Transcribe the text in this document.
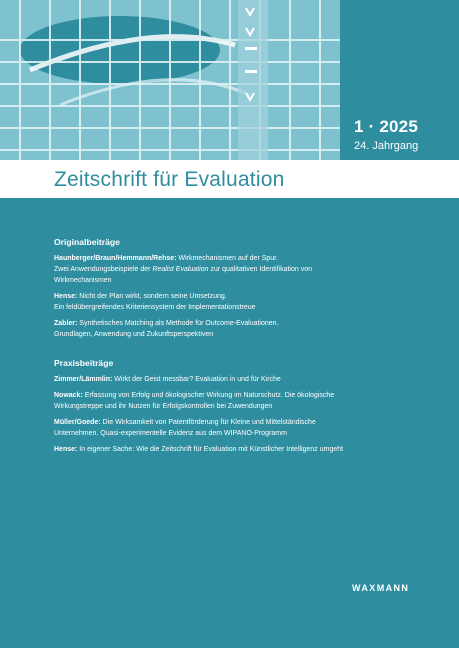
1 · 2025
24. Jahrgang
Zeitschrift für Evaluation
Originalbeiträge
Haunberger/Braun/Hemmann/Rehse: Wirkmechanismen auf der Spur.
Zwei Anwendungsbeispiele der Realist Evaluation zur qualitativen Identifikation von
Wirkmechanismen
Hense: Nicht der Plan wirkt, sondern seine Umsetzung.
Ein feldübergreifendes Kriteriensystem der Implementationstreue
Zabler: Synthetisches Matching als Methode für Outcome-Evaluationen.
Grundlagen, Anwendung und Zukunftsperspektiven
Praxisbeiträge
Zimmer/Lämmlin: Wirkt der Geist messbar? Evaluation in und für Kirche
Nowack: Erfassung von Erfolg und ökologischer Wirkung im Naturschutz. Die ökologische
Wirkungstreppe und ihr Nutzen für Erfolgskontrollen bei Zuwendungen
Müller/Goede: Die Wirksamkeit von Patentförderung für Kleine und Mittelständische
Unternehmen. Quasi-experimentelle Evidenz aus dem WIPANO-Programm
Hense: In eigener Sache: Wie die Zeitschrift für Evaluation mit Künstlicher Intelligenz umgeht
WAXMANN
